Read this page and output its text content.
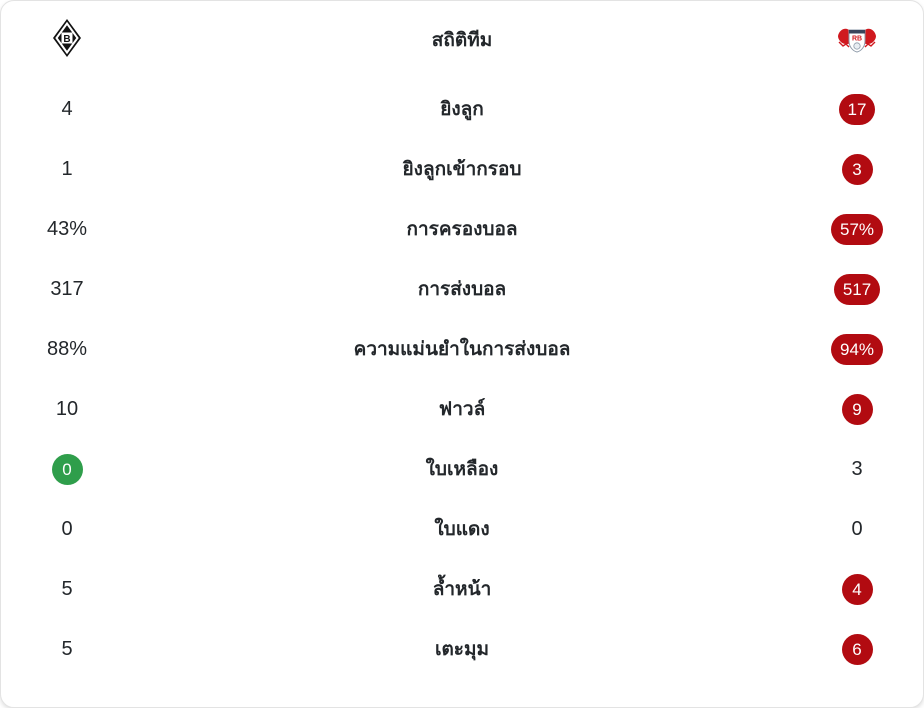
B	สถิติทีม	RB
4	ยิงลูก	17
1	ยิงลูกเข้ากรอบ	3
43%	การครองบอล	57%
317	การส่งบอล	517
88%	ความแม่นยำในการส่งบอล	94%
10	ฟาวล์	9
0	ใบเหลือง	3
0	ใบแดง	0
5	ล้ำหน้า	4
5	เตะมุม	6
